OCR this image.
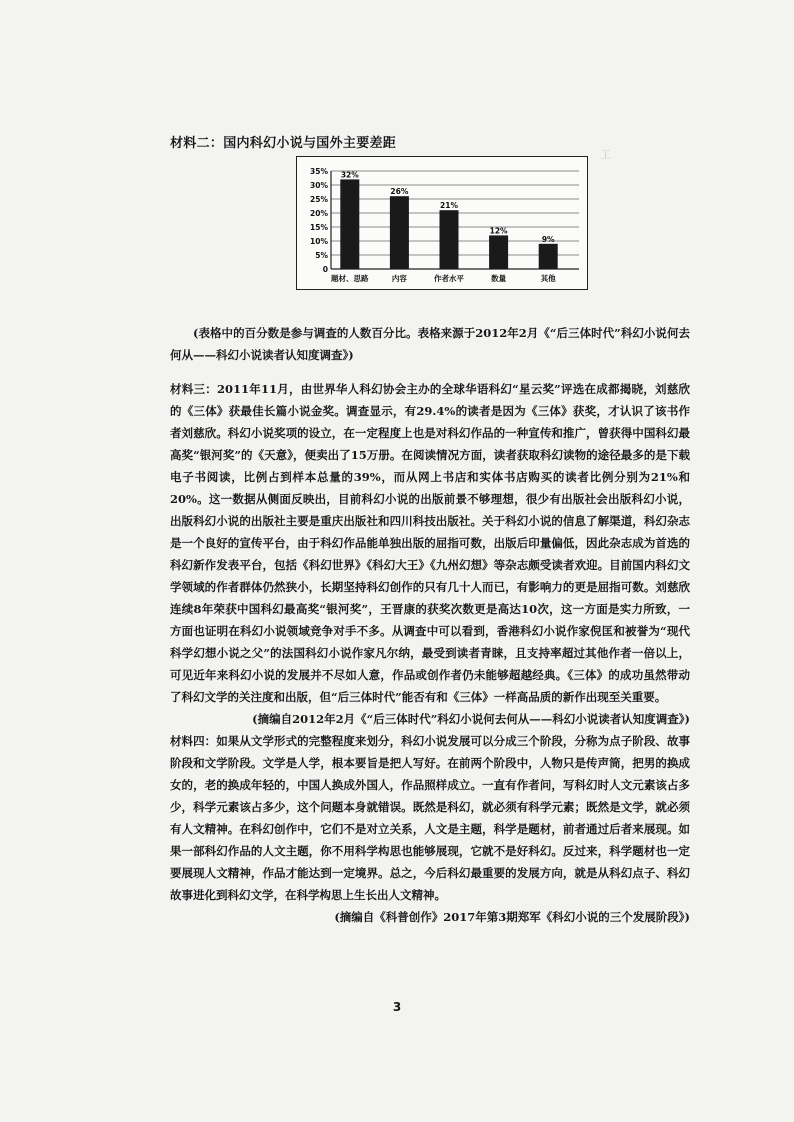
工　　　　　　

材料二：国内科幻小说与国外主要差距
0
5%
10%
15%
20%
25%
30%
35% 32%
题材、思路
26%
内容
21%
作者水平
12%
数量
9%
其他

(表格中的百分数是参与调查的人数百分比。表格来源于2012年2月《“后三体时代”科幻小说何去何从——科幻小说读者认知度调查》)

材料三：2011年11月，由世界华人科幻协会主办的全球华语科幻“星云奖”评选在成都揭晓，刘慈欣的《三体》获最佳长篇小说金奖。调查显示，有29.4%的读者是因为《三体》获奖，才认识了该书作者刘慈欣。科幻小说奖项的设立，在一定程度上也是对科幻作品的一种宣传和推广，曾获得中国科幻最高奖“银河奖”的《天意》，便卖出了15万册。在阅读情况方面，读者获取科幻读物的途径最多的是下载电子书阅读，比例占到样本总量的39%，而从网上书店和实体书店购买的读者比例分别为21%和20%。这一数据从侧面反映出，目前科幻小说的出版前景不够理想，很少有出版社会出版科幻小说，出版科幻小说的出版社主要是重庆出版社和四川科技出版社。关于科幻小说的信息了解渠道，科幻杂志是一个良好的宣传平台，由于科幻作品能单独出版的屈指可数，出版后印量偏低，因此杂志成为首选的科幻新作发表平台，包括《科幻世界》《科幻大王》《九州幻想》等杂志颇受读者欢迎。目前国内科幻文学领域的作者群体仍然狭小，长期坚持科幻创作的只有几十人而已，有影响力的更是屈指可数。刘慈欣连续8年荣获中国科幻最高奖“银河奖”，王晋康的获奖次数更是高达10次，这一方面是实力所致，一方面也证明在科幻小说领域竞争对手不多。从调查中可以看到，香港科幻小说作家倪匡和被誉为“现代科学幻想小说之父”的法国科幻小说作家凡尔纳，最受到读者青睐，且支持率超过其他作者一倍以上，可见近年来科幻小说的发展并不尽如人意，作品或创作者仍未能够超越经典。《三体》的成功虽然带动了科幻文学的关注度和出版，但“后三体时代”能否有和《三体》一样高品质的新作出现至关重要。

(摘编自2012年2月《“后三体时代”科幻小说何去何从——科幻小说读者认知度调查》)

材料四：如果从文学形式的完整程度来划分，科幻小说发展可以分成三个阶段，分称为点子阶段、故事阶段和文学阶段。文学是人学，根本要旨是把人写好。在前两个阶段中，人物只是传声筒，把男的换成女的，老的换成年轻的，中国人换成外国人，作品照样成立。一直有作者问，写科幻时人文元素该占多少，科学元素该占多少，这个问题本身就错误。既然是科幻，就必须有科学元素；既然是文学，就必须有人文精神。在科幻创作中，它们不是对立关系，人文是主题，科学是题材，前者通过后者来展现。如果一部科幻作品的人文主题，你不用科学构思也能够展现，它就不是好科幻。反过来，科学题材也一定要展现人文精神，作品才能达到一定境界。总之，今后科幻最重要的发展方向，就是从科幻点子、科幻故事进化到科幻文学，在科学构思上生长出人文精神。

(摘编自《科普创作》2017年第3期郑军《科幻小说的三个发展阶段》)

3
